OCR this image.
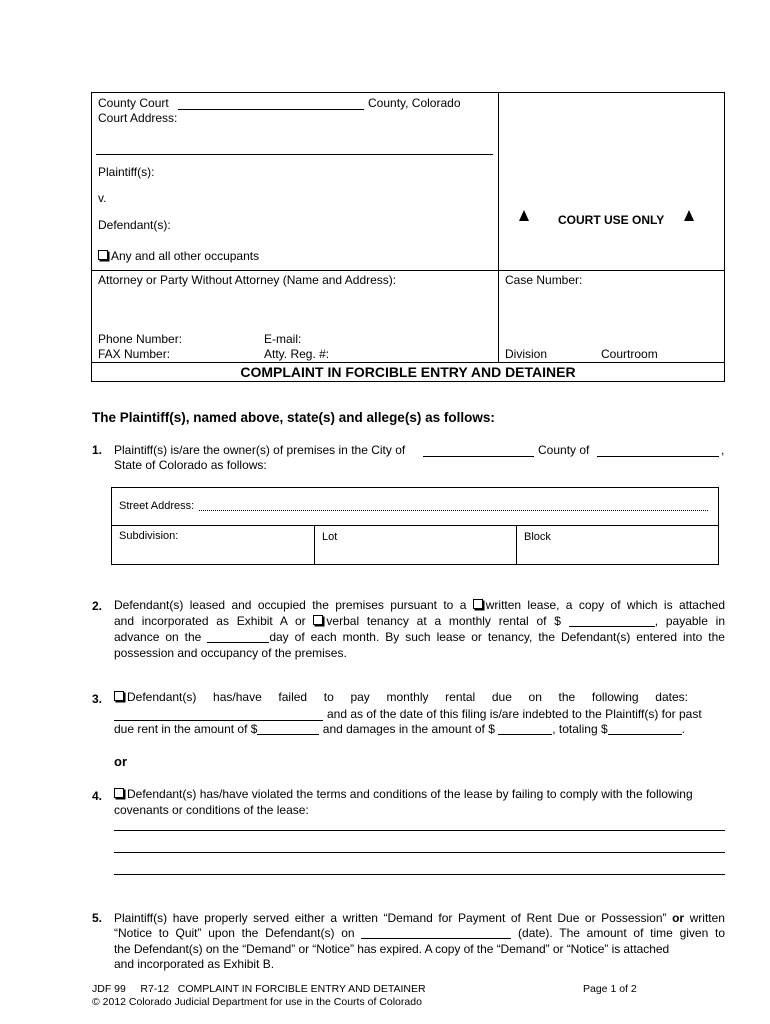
County Court	County, Colorado
Court Address:
Plaintiff(s):
v.
Defendant(s):
Any and all other occupants
COURT USE ONLY
Attorney or Party Without Attorney (Name and Address):	Case Number:
Phone Number:	E-mail:
FAX Number:	Atty. Reg. #:	Division	Courtroom
COMPLAINT IN FORCIBLE ENTRY AND DETAINER
The Plaintiff(s), named above, state(s) and allege(s) as follows:
1. Plaintiff(s) is/are the owner(s) of premises in the City of	County of	,
State of Colorado as follows:
Street Address:
Subdivision:	Lot	Block
2. Defendant(s) leased and occupied the premises pursuant to a written lease, a copy of which is attached
and incorporated as Exhibit A or verbal tenancy at a monthly rental of $	, payable in
advance on the	day of each month. By such lease or tenancy, the Defendant(s) entered into the
possession and occupancy of the premises.
3.	Defendant(s)     has/have     failed     to     pay     monthly     rental     due     on     the     following     dates:
and as of the date of this filing is/are indebted to the Plaintiff(s) for past
due rent in the amount of $	and damages in the amount of $	, totaling $	.
or
4.	Defendant(s) has/have violated the terms and conditions of the lease by failing to comply with the following
covenants or conditions of the lease:
5. Plaintiff(s) have properly served either a written “Demand for Payment of Rent Due or Possession” or written
“Notice to Quit” upon the Defendant(s) on	(date). The amount of time given to
the Defendant(s) on the “Demand” or “Notice” has expired. A copy of the “Demand” or “Notice” is attached
and incorporated as Exhibit B.
JDF 99     R7-12   COMPLAINT IN FORCIBLE ENTRY AND DETAINER
© 2012 Colorado Judicial Department for use in the Courts of Colorado
Page 1 of 2
